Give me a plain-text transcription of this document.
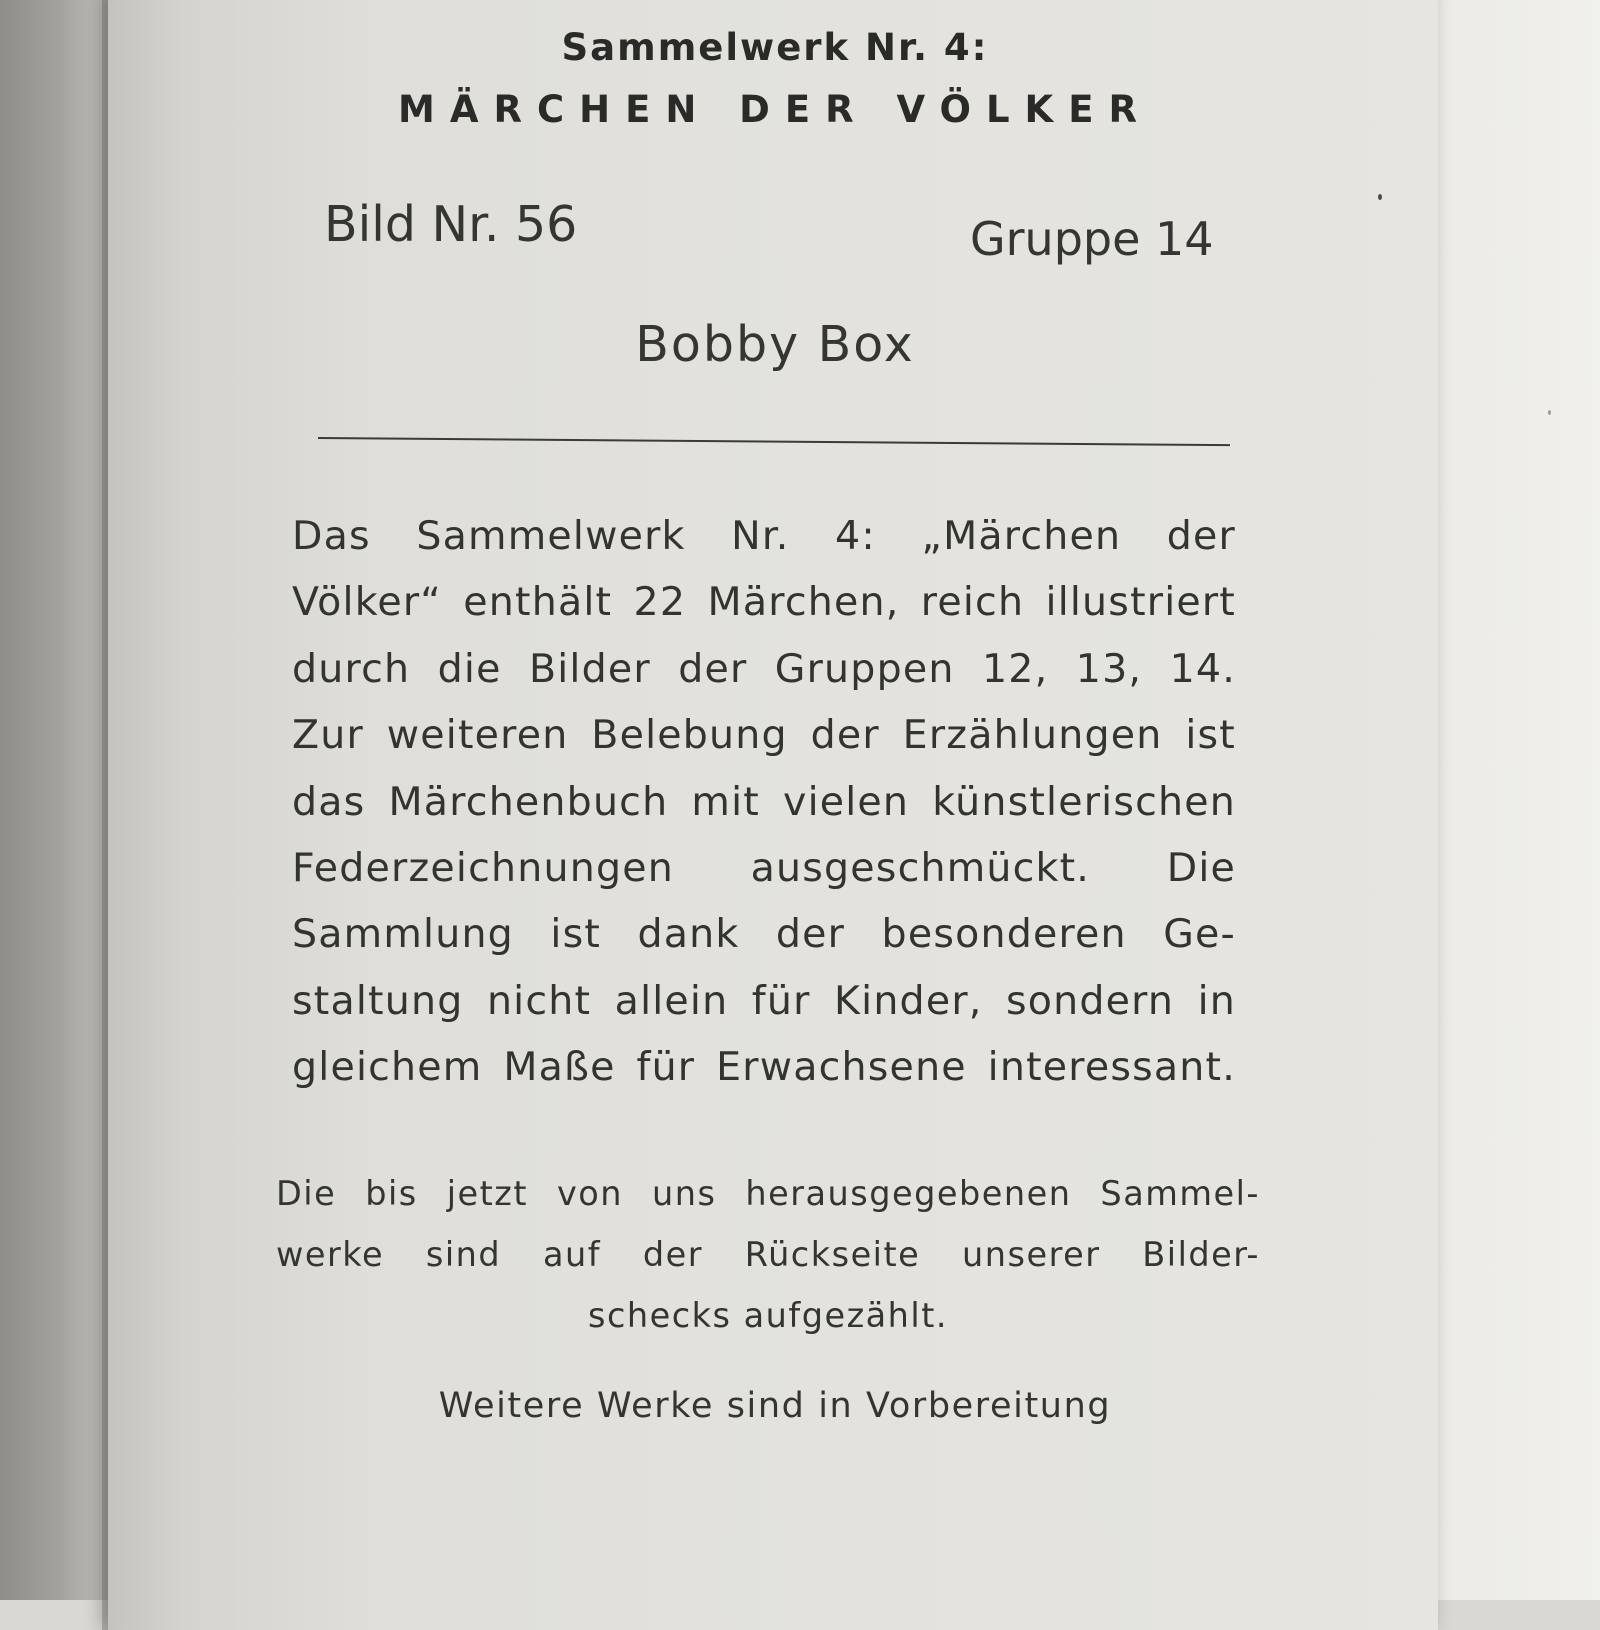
Sammelwerk Nr. 4:
MÄRCHEN DER VÖLKER
Bild Nr. 56	Gruppe 14
Bobby Box
Das Sammelwerk Nr. 4: „Märchen der
Völker“ enthält 22 Märchen, reich illustriert
durch die Bilder der Gruppen 12, 13, 14.
Zur weiteren Belebung der Erzählungen ist
das Märchenbuch mit vielen künstlerischen
Federzeichnungen ausgeschmückt. Die
Sammlung ist dank der besonderen Ge-
staltung nicht allein für Kinder, sondern in
gleichem Maße für Erwachsene interessant.
Die bis jetzt von uns herausgegebenen Sammel-
werke sind auf der Rückseite unserer Bilder-
schecks aufgezählt.
Weitere Werke sind in Vorbereitung
